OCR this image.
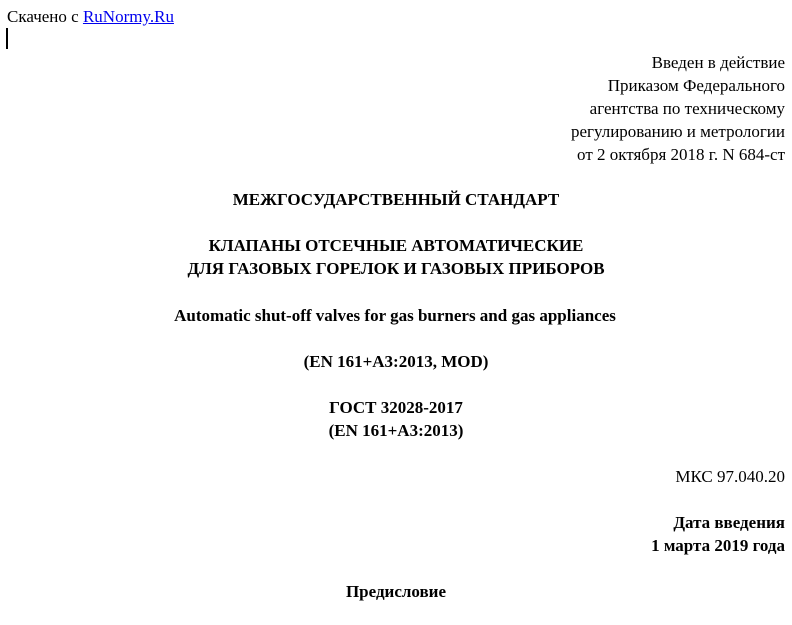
Скачено с RuNormy.Ru
Введен в действие
Приказом Федерального
агентства по техническому
регулированию и метрологии
от 2 октября 2018 г. N 684-ст
МЕЖГОСУДАРСТВЕННЫЙ СТАНДАРТ
КЛАПАНЫ ОТСЕЧНЫЕ АВТОМАТИЧЕСКИЕ
ДЛЯ ГАЗОВЫХ ГОРЕЛОК И ГАЗОВЫХ ПРИБОРОВ
Automatic shut-off valves for gas burners and gas appliances
(EN 161+A3:2013, MOD)
ГОСТ 32028-2017
(EN 161+A3:2013)
МКС 97.040.20
Дата введения
1 марта 2019 года
Предисловие
